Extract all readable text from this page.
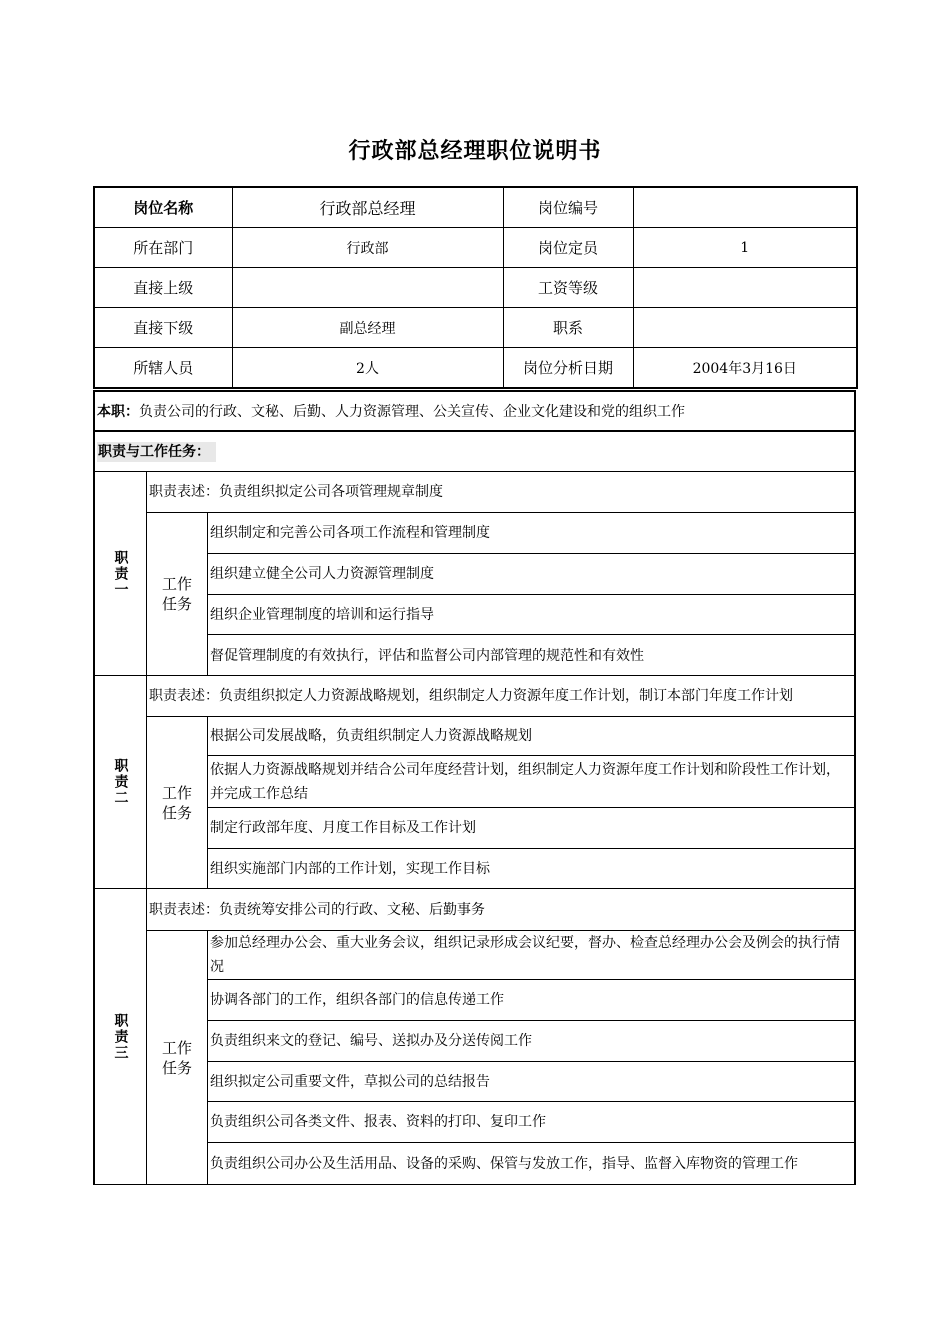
行政部总经理职位说明书
岗位名称	行政部总经理	岗位编号	
所在部门	行政部	岗位定员	1
直接上级		工资等级	
直接下级	副总经理	职系	
所辖人员	2人	岗位分析日期	2004年3月16日
本职：负责公司的行政、文秘、后勤、人力资源管理、公关宣传、企业文化建设和党的组织工作
职责与工作任务：
职责一
职责表述：负责组织拟定公司各项管理规章制度
工作任务
组织制定和完善公司各项工作流程和管理制度
组织建立健全公司人力资源管理制度
组织企业管理制度的培训和运行指导
督促管理制度的有效执行，评估和监督公司内部管理的规范性和有效性
职责二
职责表述：负责组织拟定人力资源战略规划，组织制定人力资源年度工作计划，制订本部门年度工作计划
工作任务
根据公司发展战略，负责组织制定人力资源战略规划
依据人力资源战略规划并结合公司年度经营计划，组织制定人力资源年度工作计划和阶段性工作计划，并完成工作总结
制定行政部年度、月度工作目标及工作计划
组织实施部门内部的工作计划，实现工作目标
职责三
职责表述：负责统筹安排公司的行政、文秘、后勤事务
工作任务
参加总经理办公会、重大业务会议，组织记录形成会议纪要，督办、检查总经理办公会及例会的执行情况
协调各部门的工作，组织各部门的信息传递工作
负责组织来文的登记、编号、送拟办及分送传阅工作
组织拟定公司重要文件，草拟公司的总结报告
负责组织公司各类文件、报表、资料的打印、复印工作
负责组织公司办公及生活用品、设备的采购、保管与发放工作，指导、监督入库物资的管理工作
